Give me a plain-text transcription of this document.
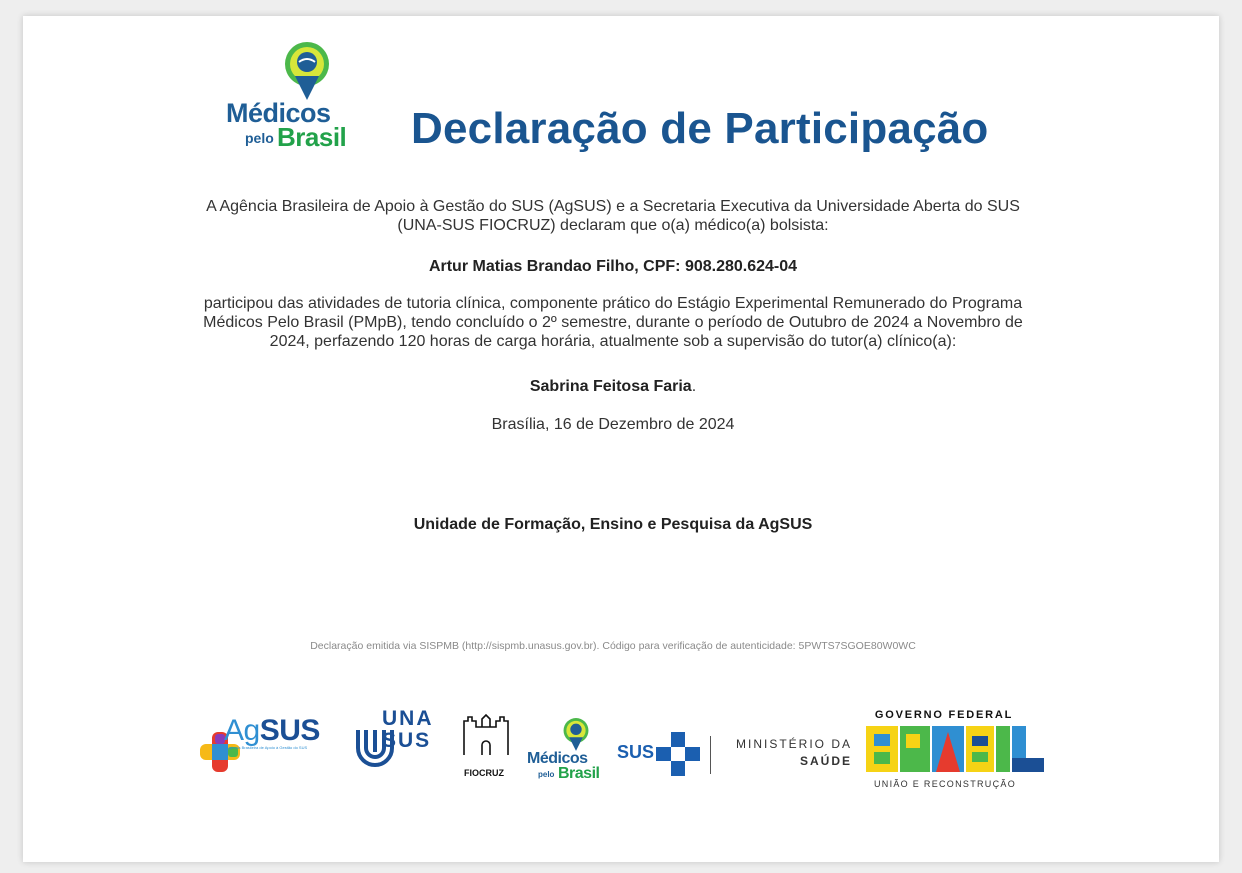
Médicos
pelo Brasil Declaração de Participação
A Agência Brasileira de Apoio à Gestão do SUS (AgSUS) e a Secretaria Executiva da Universidade Aberta do SUS (UNA-SUS FIOCRUZ) declaram que o(a) médico(a) bolsista:
Artur Matias Brandao Filho, CPF: 908.280.624-04
participou das atividades de tutoria clínica, componente prático do Estágio Experimental Remunerado do Programa Médicos Pelo Brasil (PMpB), tendo concluído o 2º semestre, durante o período de Outubro de 2024 a Novembro de 2024, perfazendo 120 horas de carga horária, atualmente sob a supervisão do tutor(a) clínico(a):
Sabrina Feitosa Faria.
Brasília, 16 de Dezembro de 2024
Unidade de Formação, Ensino e Pesquisa da AgSUS
Declaração emitida via SISPMB (http://sispmb.unasus.gov.br). Código para verificação de autenticidade: 5PWTS7SGOE80W0WC
AgSUS
Agência Brasileira de Apoio à Gestão do SUS
UNA
SUS
FIOCRUZ
Médicos
pelo Brasil
SUS	MINISTÉRIO DA
SAÚDE
GOVERNO FEDERAL
UNIÃO E RECONSTRUÇÃO
